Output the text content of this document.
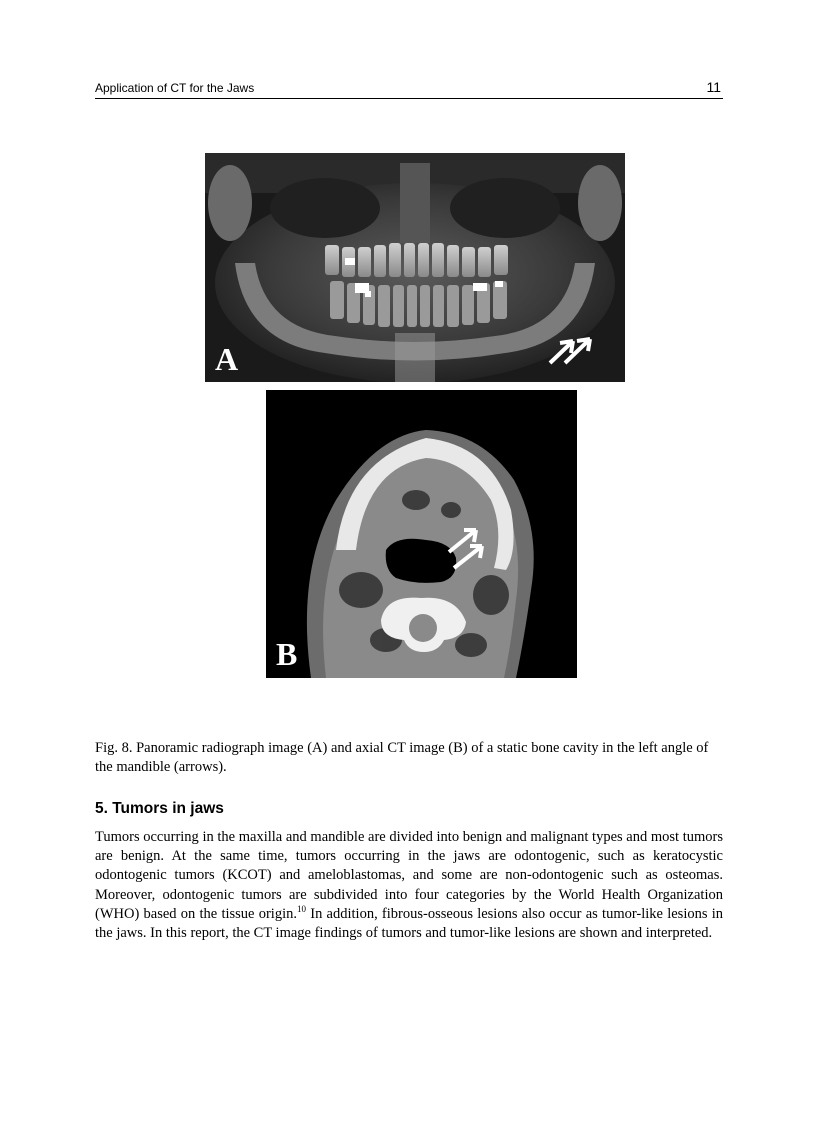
Application of CT for the Jaws	11
A
B

Fig. 8. Panoramic radiograph image (A) and axial CT image (B) of a static bone cavity in the left angle of the mandible (arrows).

5. Tumors in jaws

Tumors occurring in the maxilla and mandible are divided into benign and malignant types and most tumors are benign. At the same time, tumors occurring in the jaws are odontogenic, such as keratocystic odontogenic tumors (KCOT) and ameloblastomas, and some are non-odontogenic such as osteomas. Moreover, odontogenic tumors are subdivided into four categories by the World Health Organization (WHO) based on the tissue origin.$^{10}$ In addition, fibrous-osseous lesions also occur as tumor-like lesions in the jaws. In this report, the CT image findings of tumors and tumor-like lesions are shown and interpreted.
